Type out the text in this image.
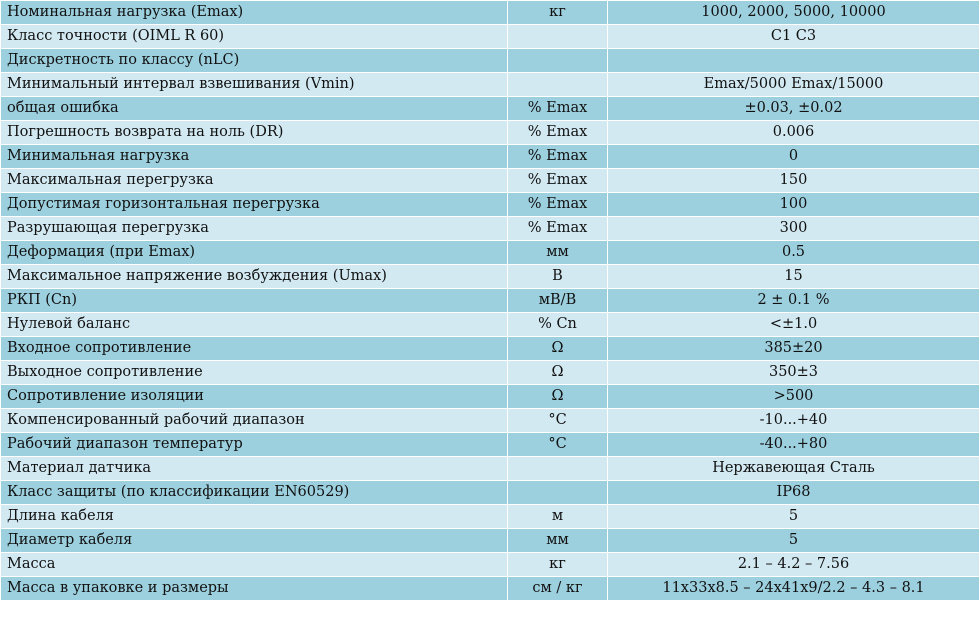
Номинальная нагрузка (Emax)	кг	1000, 2000, 5000, 10000
Класс точности (OIML R 60)		C1 C3
Дискретность по классу (nLC)		
Минимальный интервал взвешивания (Vmin)		Emax/5000 Emax/15000
общая ошибка	% Emax	±0.03, ±0.02
Погрешность возврата на ноль (DR)	% Emax	0.006
Минимальная нагрузка	% Emax	0
Максимальная перегрузка	% Emax	150
Допустимая горизонтальная перегрузка	% Emax	100
Разрушающая перегрузка	% Emax	300
Деформация (при Emax)	мм	0.5
Максимальное напряжение возбуждения (Umax)	В	15
РКП (Cn)	мВ/В	2 ± 0.1 %
Нулевой баланс	% Cn	<±1.0
Входное сопротивление	Ω	385±20
Выходное сопротивление	Ω	350±3
Сопротивление изоляции	Ω	>500
Компенсированный рабочий диапазон	°C	-10...+40
Рабочий диапазон температур	°C	-40...+80
Материал датчика		Нержавеющая Сталь
Класс защиты (по классификации EN60529)		IP68
Длина кабеля	м	5
Диаметр кабеля	мм	5
Масса	кг	2.1 – 4.2 – 7.56
Масса в упаковке и размеры	см / кг	11x33x8.5 – 24x41x9/2.2 – 4.3 – 8.1
